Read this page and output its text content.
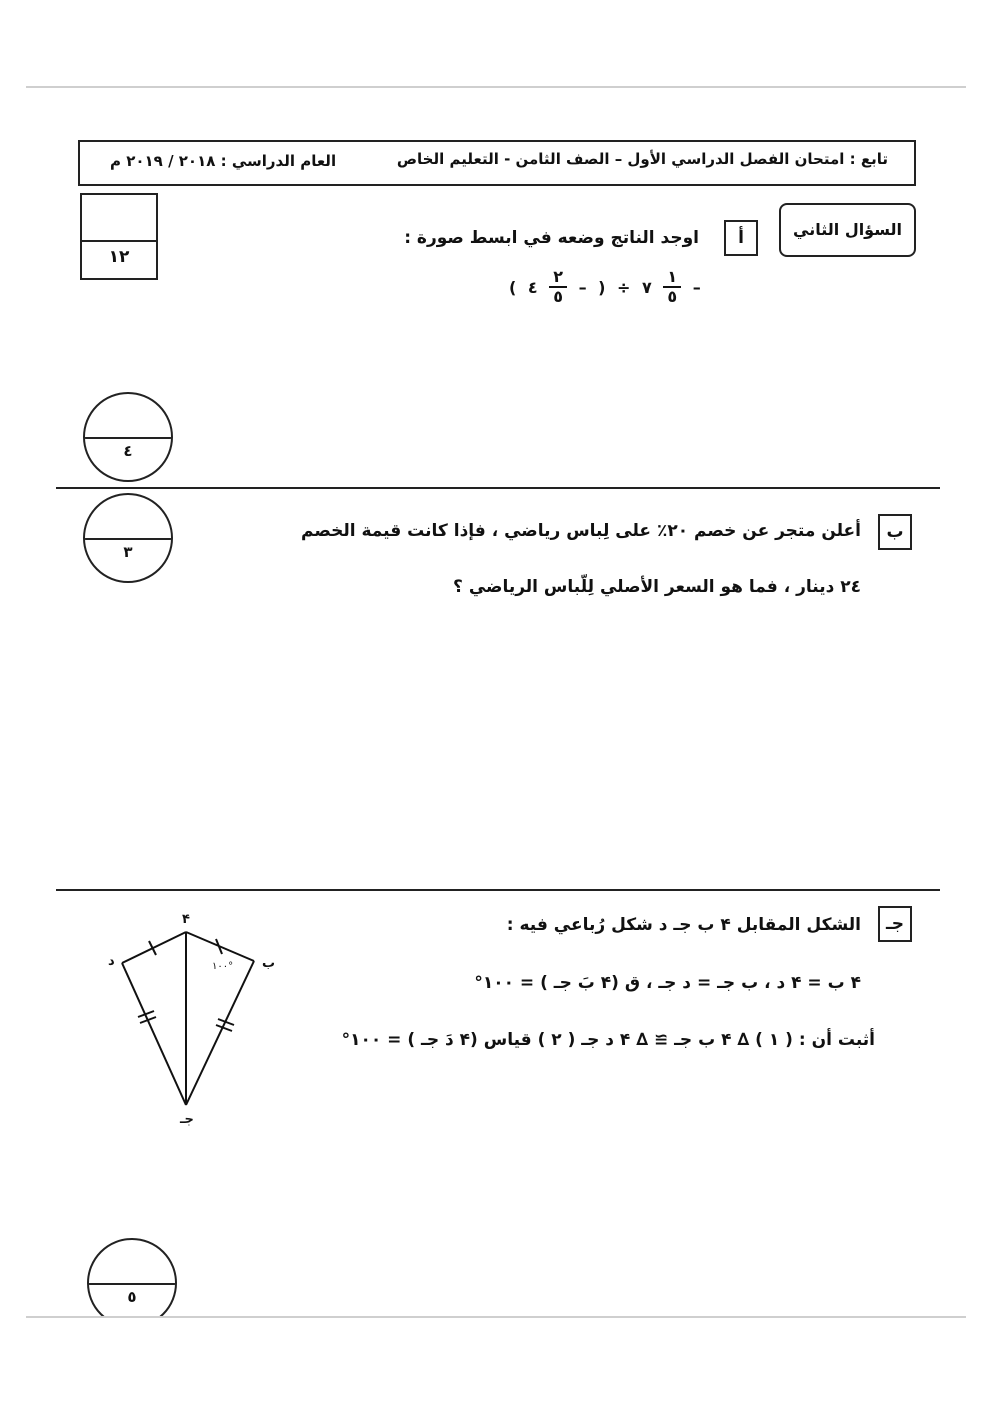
العام الدراسي : ٢٠١٨ / ٢٠١٩ م	تابع : امتحان الفصل الدراسي الأول – الصف الثامن - التعليم الخاص
١٢
السؤال الثاني
أ
اوجد الناتج وضعه في ابسط صورة :
( ٤ $\frac{٢}{٥}$ – ) ÷ ٧ $\frac{١}{٥}$ –
٤
٣
ب
أعلن متجر عن خصم ٢٠٪ على لِباس رياضي ، فإذا كانت قيمة الخصم
٢٤ دينار ، فما هو السعر الأصلي لِلّباس الرياضي ؟
جـ
الشكل المقابل ۴ ب جـ د شكل رُباعي فيه :
۴ ب = ۴ د ، ب جـ = د جـ ، ق (۴ بَ جـ ) = ١٠٠°
أثبت أن : ( ١ ) ∆ ۴ ب جـ ≅ ∆ ۴ د جـ ( ٢ ) قياس (۴ دَ جـ ) = ١٠٠°
۴
د	ب
جـ
١٠٠°
٥
